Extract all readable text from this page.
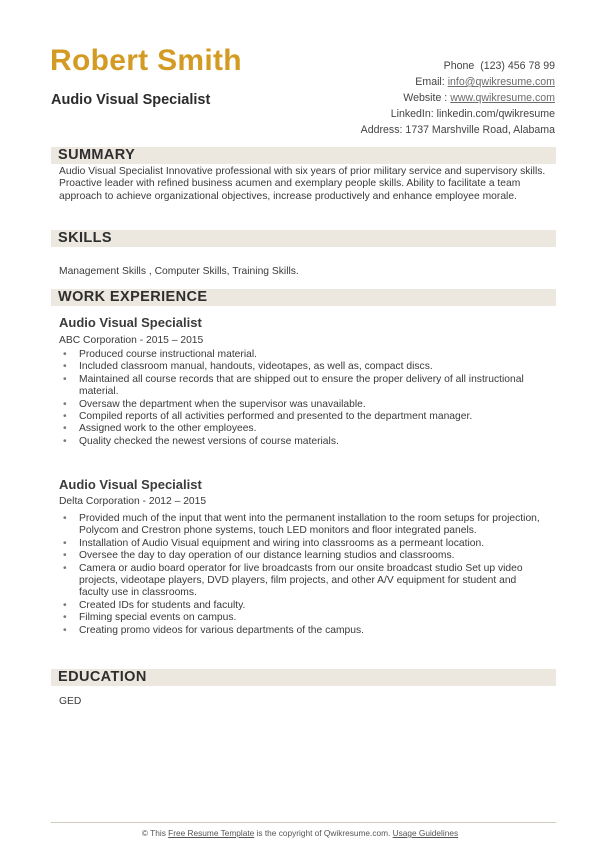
Robert Smith
Audio Visual Specialist
Phone (123) 456 78 99
Email: info@qwikresume.com
Website : www.qwikresume.com
LinkedIn: linkedin.com/qwikresume
Address: 1737 Marshville Road, Alabama
SUMMARY
Audio Visual Specialist Innovative professional with six years of prior military service and supervisory skills. Proactive leader with refined business acumen and exemplary people skills. Ability to facilitate a team approach to achieve organizational objectives, increase productively and enhance employee morale.
SKILLS
Management Skills , Computer Skills, Training Skills.
WORK EXPERIENCE
Audio Visual Specialist
ABC Corporation - 2015 – 2015
• Produced course instructional material.
• Included classroom manual, handouts, videotapes, as well as, compact discs.
• Maintained all course records that are shipped out to ensure the proper delivery of all instructional material.
• Oversaw the department when the supervisor was unavailable.
• Compiled reports of all activities performed and presented to the department manager.
• Assigned work to the other employees.
• Quality checked the newest versions of course materials.
Audio Visual Specialist
Delta Corporation - 2012 – 2015
• Provided much of the input that went into the permanent installation to the room setups for projection, Polycom and Crestron phone systems, touch LED monitors and floor integrated panels.
• Installation of Audio Visual equipment and wiring into classrooms as a permeant location.
• Oversee the day to day operation of our distance learning studios and classrooms.
• Camera or audio board operator for live broadcasts from our onsite broadcast studio Set up video projects, videotape players, DVD players, film projects, and other A/V equipment for student and faculty use in classrooms.
• Created IDs for students and faculty.
• Filming special events on campus.
• Creating promo videos for various departments of the campus.
EDUCATION
GED
© This Free Resume Template is the copyright of Qwikresume.com. Usage Guidelines
